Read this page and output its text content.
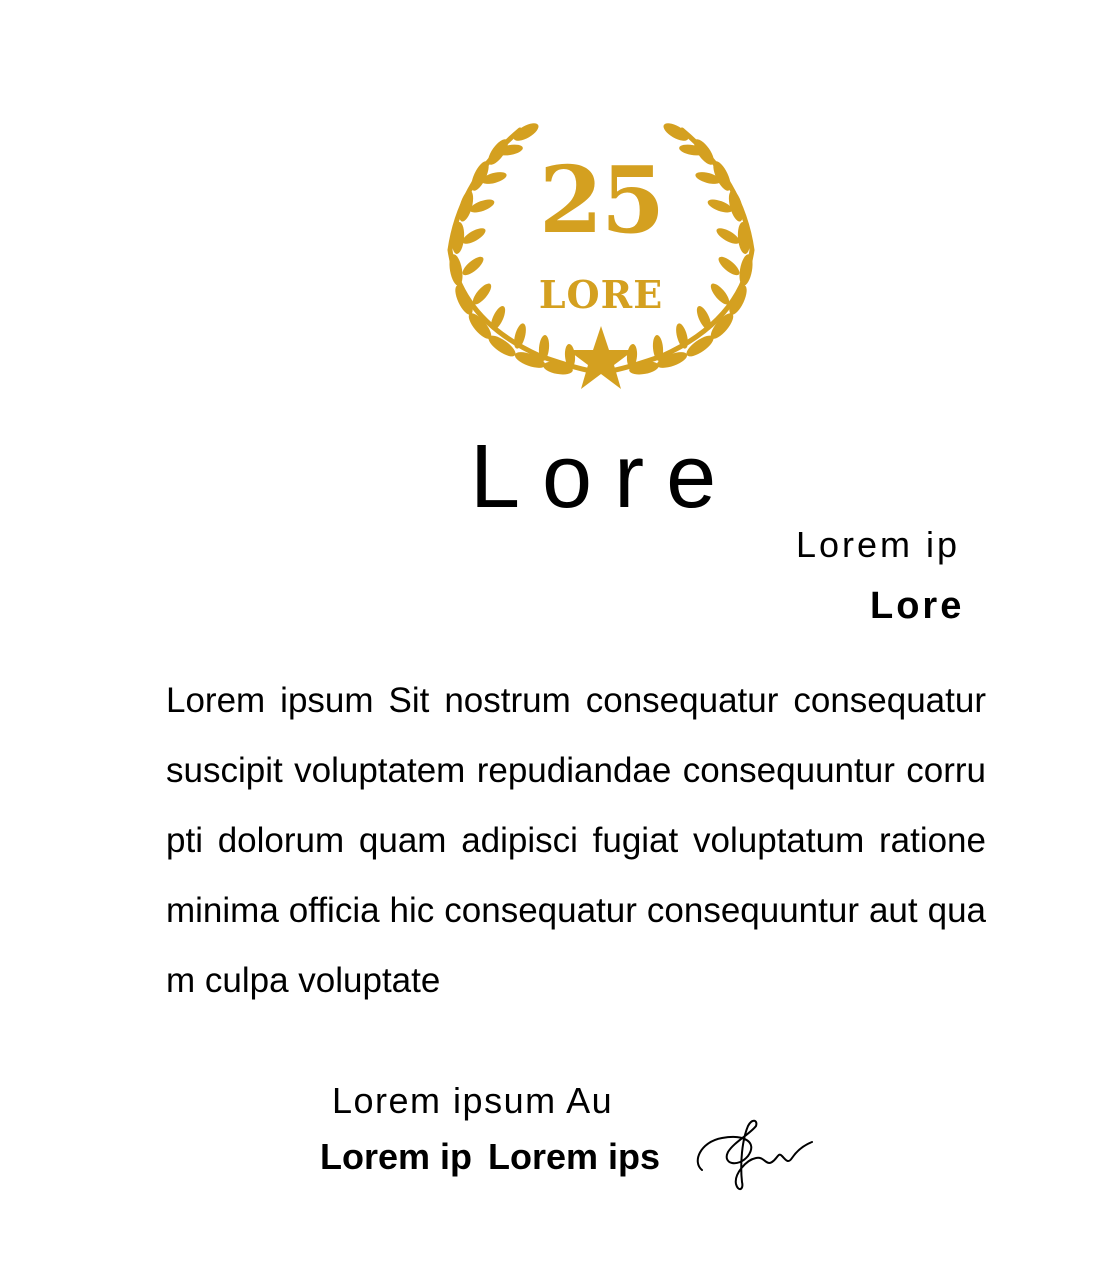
25
LORE
Lore
Lorem ip
Lore

Lorem ipsum Sit nostrum consequatur consequatur suscipit voluptatem repudiandae consequuntur corrupti dolorum quam adipisci fugiat voluptatum ratione minima officia hic consequatur consequuntur aut quam culpa voluptate

Lorem ipsum Au
Lorem ip Lorem ips
